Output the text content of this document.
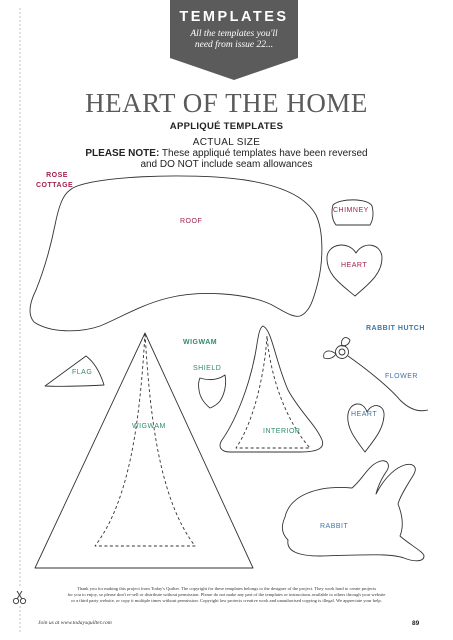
TEMPLATES
All the templates you'll
need from issue 22...
HEART OF THE HOME
APPLIQUÉ TEMPLATES
ACTUAL SIZE
PLEASE NOTE: These appliqué templates have been reversed
and DO NOT include seam allowances
ROSE
COTTAGE
WIGWAM
RABBIT HUTCH
ROOF
CHIMNEY
HEART
FLAG
SHIELD
WIGWAM
INTERIOR
FLOWER
HEART
RABBIT
Thank you for making this project from Today's Quilter. The copyright for these templates belongs to the designer of the project. They work hard to create projects
for you to enjoy, so please don't re-sell or distribute without permission. Please do not make any part of the templates or instructions available to others through your website
or a third party website, or copy it multiple times without permission. Copyright law protects creative work and unauthorised copying is illegal. We appreciate your help.
Join us at www.todaysquilter.com	89
